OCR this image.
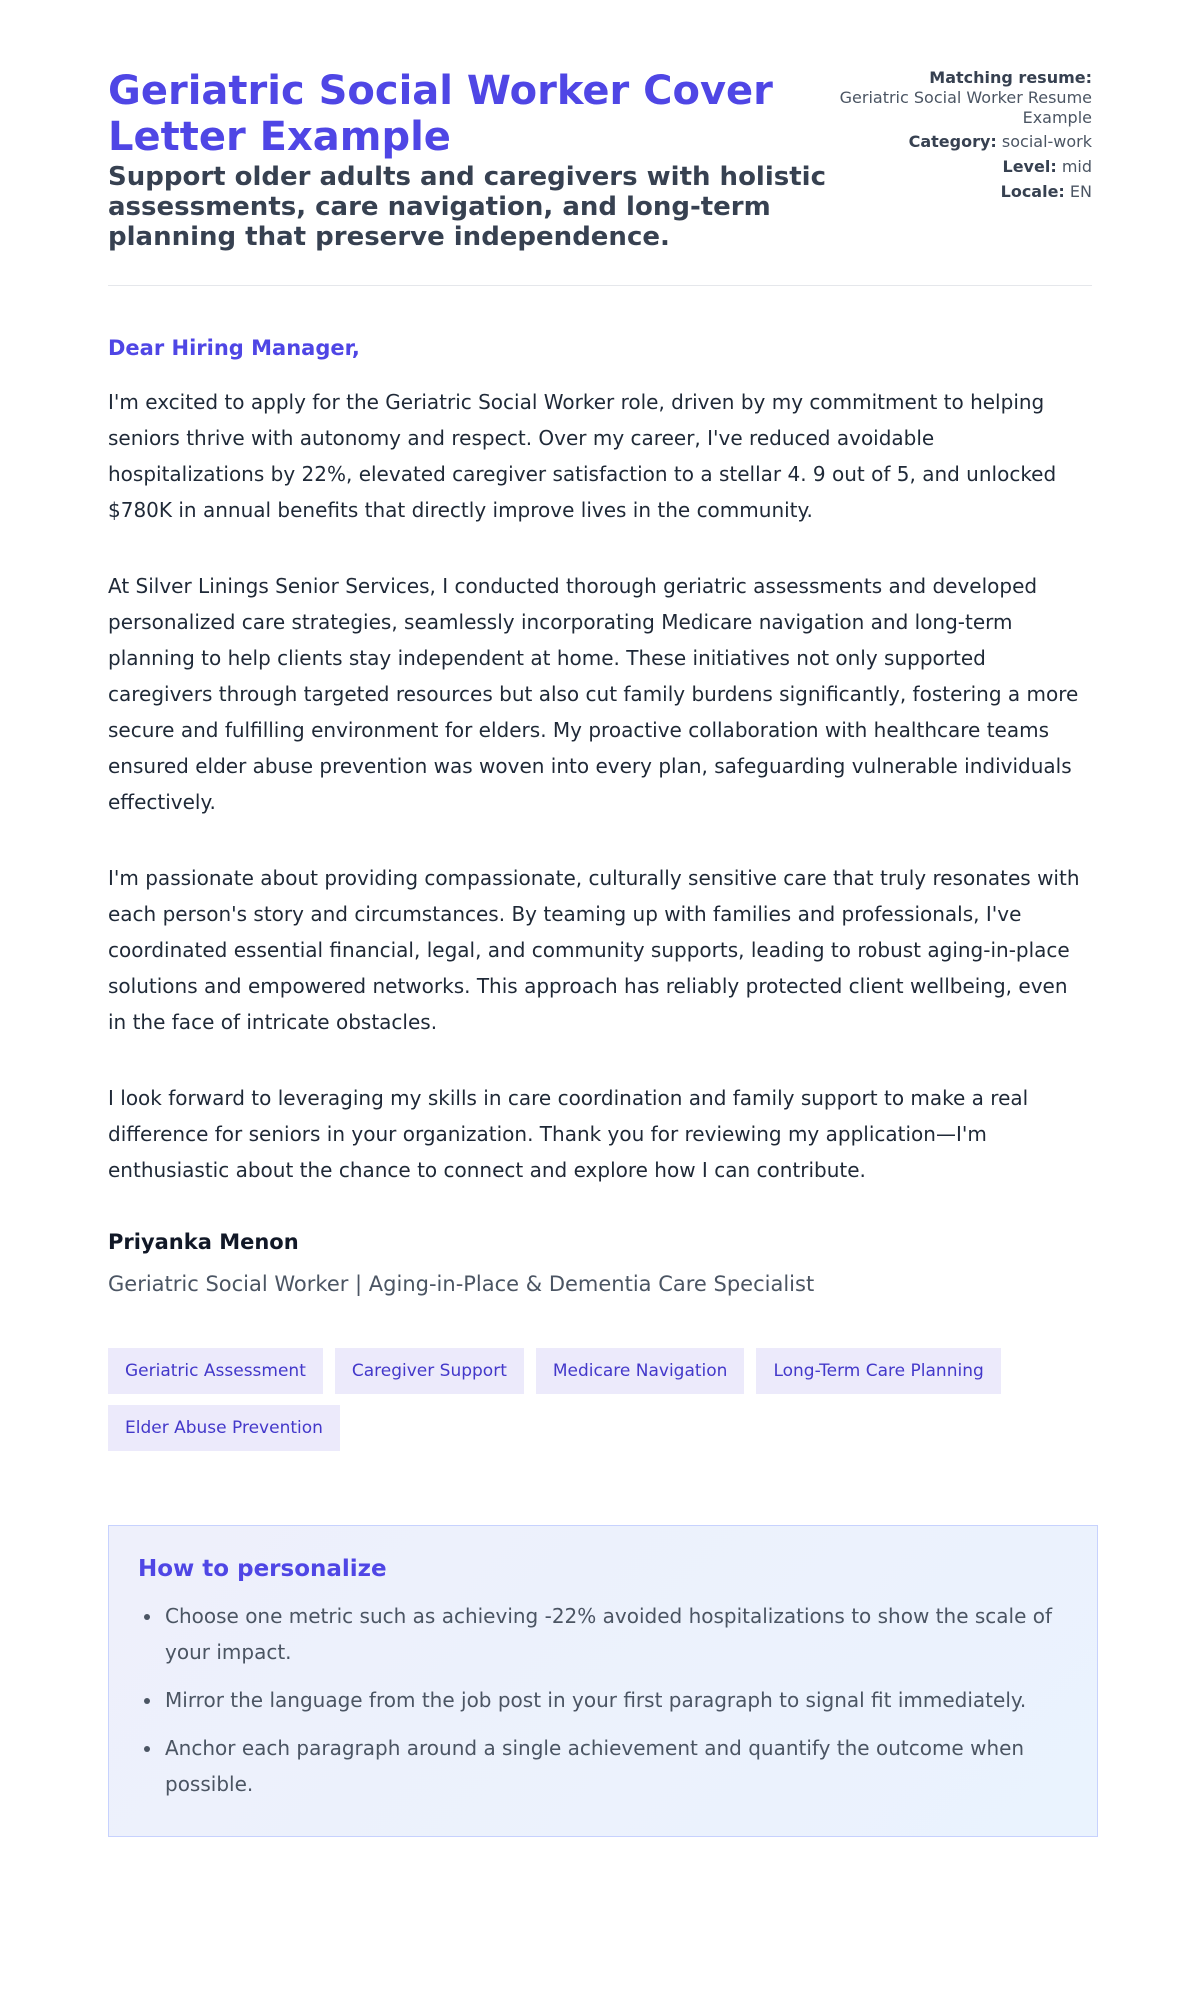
Geriatric Social Worker Cover Letter Example

Support older adults and caregivers with holistic assessments, care navigation, and long-term planning that preserve independence.

Matching resume:
Geriatric Social Worker Resume Example
Category: social-work
Level: mid
Locale: EN

Dear Hiring Manager,

I'm excited to apply for the Geriatric Social Worker role, driven by my commitment to helping seniors thrive with autonomy and respect. Over my career, I've reduced avoidable hospitalizations by 22%, elevated caregiver satisfaction to a stellar 4. 9 out of 5, and unlocked $780K in annual benefits that directly improve lives in the community.

At Silver Linings Senior Services, I conducted thorough geriatric assessments and developed personalized care strategies, seamlessly incorporating Medicare navigation and long-term planning to help clients stay independent at home. These initiatives not only supported caregivers through targeted resources but also cut family burdens significantly, fostering a more secure and fulfilling environment for elders. My proactive collaboration with healthcare teams ensured elder abuse prevention was woven into every plan, safeguarding vulnerable individuals effectively.

I'm passionate about providing compassionate, culturally sensitive care that truly resonates with each person's story and circumstances. By teaming up with families and professionals, I've coordinated essential financial, legal, and community supports, leading to robust aging-in-place solutions and empowered networks. This approach has reliably protected client wellbeing, even in the face of intricate obstacles.

I look forward to leveraging my skills in care coordination and family support to make a real difference for seniors in your organization. Thank you for reviewing my application—I'm enthusiastic about the chance to connect and explore how I can contribute.

Priyanka Menon

Geriatric Social Worker | Aging-in-Place & Dementia Care Specialist

Geriatric Assessment	Caregiver Support	Medicare Navigation	Long-Term Care Planning
Elder Abuse Prevention
How to personalize
• Choose one metric such as achieving -22% avoided hospitalizations to show the scale of your impact.
• Mirror the language from the job post in your first paragraph to signal fit immediately.
• Anchor each paragraph around a single achievement and quantify the outcome when possible.
